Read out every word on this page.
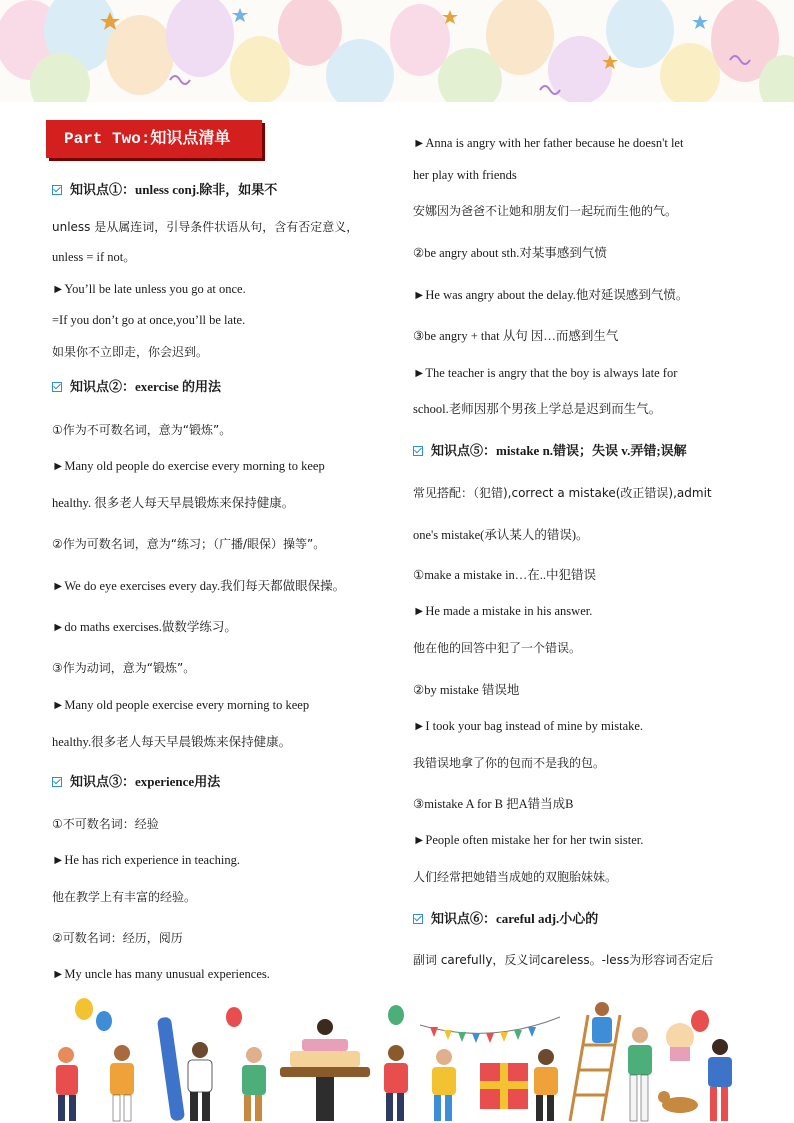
Part Two:知识点清单
知识点①：unless conj.除非，如果不
unless 是从属连词，引导条件状语从句，含有否定意义，
unless = if not。
►You’ll be late unless you go at once.
=If you don’t go at once,you’ll be late.
如果你不立即走，你会迟到。
知识点②：exercise 的用法
①作为不可数名词，意为“锻炼”。
►Many old people do exercise every morning to keep
healthy. 很多老人每天早晨锻炼来保持健康。
②作为可数名词，意为“练习；（广播/眼保）操等”。
►We do eye exercises every day.我们每天都做眼保操。
►do maths exercises.做数学练习。
③作为动词，意为“锻炼”。
►Many old people exercise every morning to keep
healthy.很多老人每天早晨锻炼来保持健康。
知识点③：experience用法
①不可数名词：经验
►He has rich experience in teaching.
他在教学上有丰富的经验。
②可数名词：经历，阅历
►My uncle has many unusual experiences.
►Anna is angry with her father because he doesn't let
her play with friends
安娜因为爸爸不让她和朋友们一起玩而生他的气。
②be angry about sth.对某事感到气愤
►He was angry about the delay.他对延误感到气愤。
③be angry + that 从句 因…而感到生气
►The teacher is angry that the boy is always late for
school.老师因那个男孩上学总是迟到而生气。
知识点⑤：mistake n.错误；失误 v.弄错;误解
常见搭配：（犯错),correct a mistake(改正错误),admit
one's mistake(承认某人的错误)。
①make a mistake in…在..中犯错误
►He made a mistake in his answer.
他在他的回答中犯了一个错误。
②by mistake 错误地
►I took your bag instead of mine by mistake.
我错误地拿了你的包而不是我的包。
③mistake A for B 把A错当成B
►People often mistake her for her twin sister.
人们经常把她错当成她的双胞胎妹妹。
知识点⑥：careful adj.小心的
副词 carefully，反义词careless。-less为形容词否定后
